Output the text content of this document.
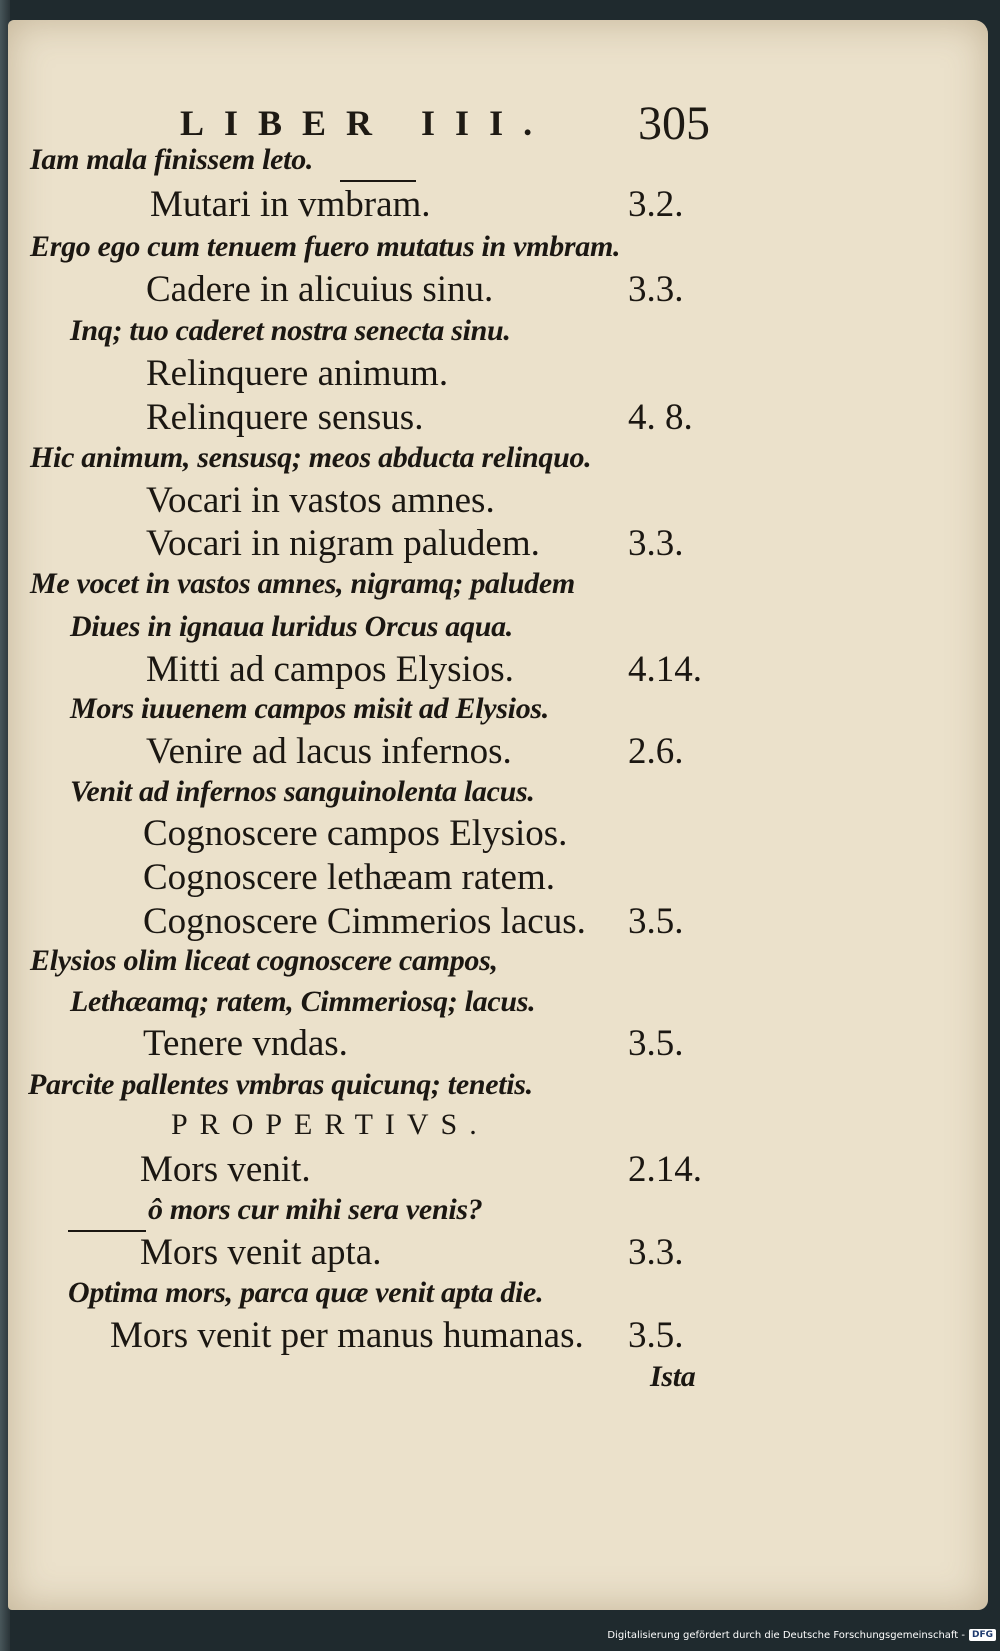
LIBER III. 305
Iam mala finissem leto.
Mutari in vmbram.	3.2.
Ergo ego cum tenuem fuero mutatus in vmbram.
Cadere in alicuius sinu.	3.3.
Inq; tuo caderet nostra senecta sinu.
Relinquere animum.
Relinquere sensus.	4. 8.
Hic animum, sensusq; meos abducta relinquo.
Vocari in vastos amnes.
Vocari in nigram paludem. 3.3.
Me vocet in vastos amnes, nigramq; paludem
Diues in ignaua luridus Orcus aqua.
Mitti ad campos Elysios.	4.14.
Mors iuuenem campos misit ad Elysios.
Venire ad lacus infernos.	2.6.
Venit ad infernos sanguinolenta lacus.
Cognoscere campos Elysios.
Cognoscere lethæam ratem.
Cognoscere Cimmerios lacus. 3.5.
Elysios olim liceat cognoscere campos,
Lethæamq; ratem, Cimmeriosq; lacus.
Tenere vndas.	3.5.
Parcite pallentes vmbras quicunq; tenetis.
PROPERTIVS.
Mors venit.	2.14.
ô mors cur mihi sera venis?
Mors venit apta.	3.3.
Optima mors, parca quæ venit apta die.
Mors venit per manus humanas. 3.5.
Ista
Digitalisierung gefördert durch die Deutsche Forschungsgemeinschaft - DFG
